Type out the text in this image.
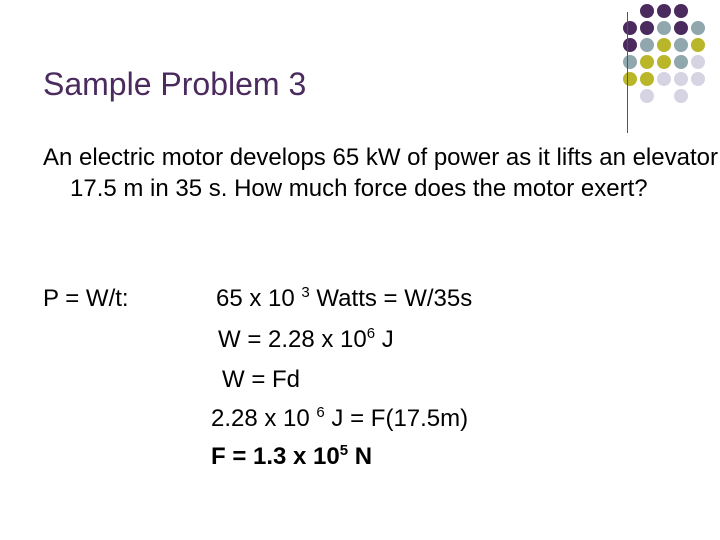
Sample Problem 3

An electric motor develops 65 kW of power as it lifts an elevator 17.5 m in 35 s. How much force does the motor exert?

P = W/t:	65 x 10 $^3$ Watts = W/35s
W = 2.28 x $10^6$ J
W = Fd
2.28 x 10 $^6$ J = F(17.5m)
F = 1.3 x $10^5$ N
